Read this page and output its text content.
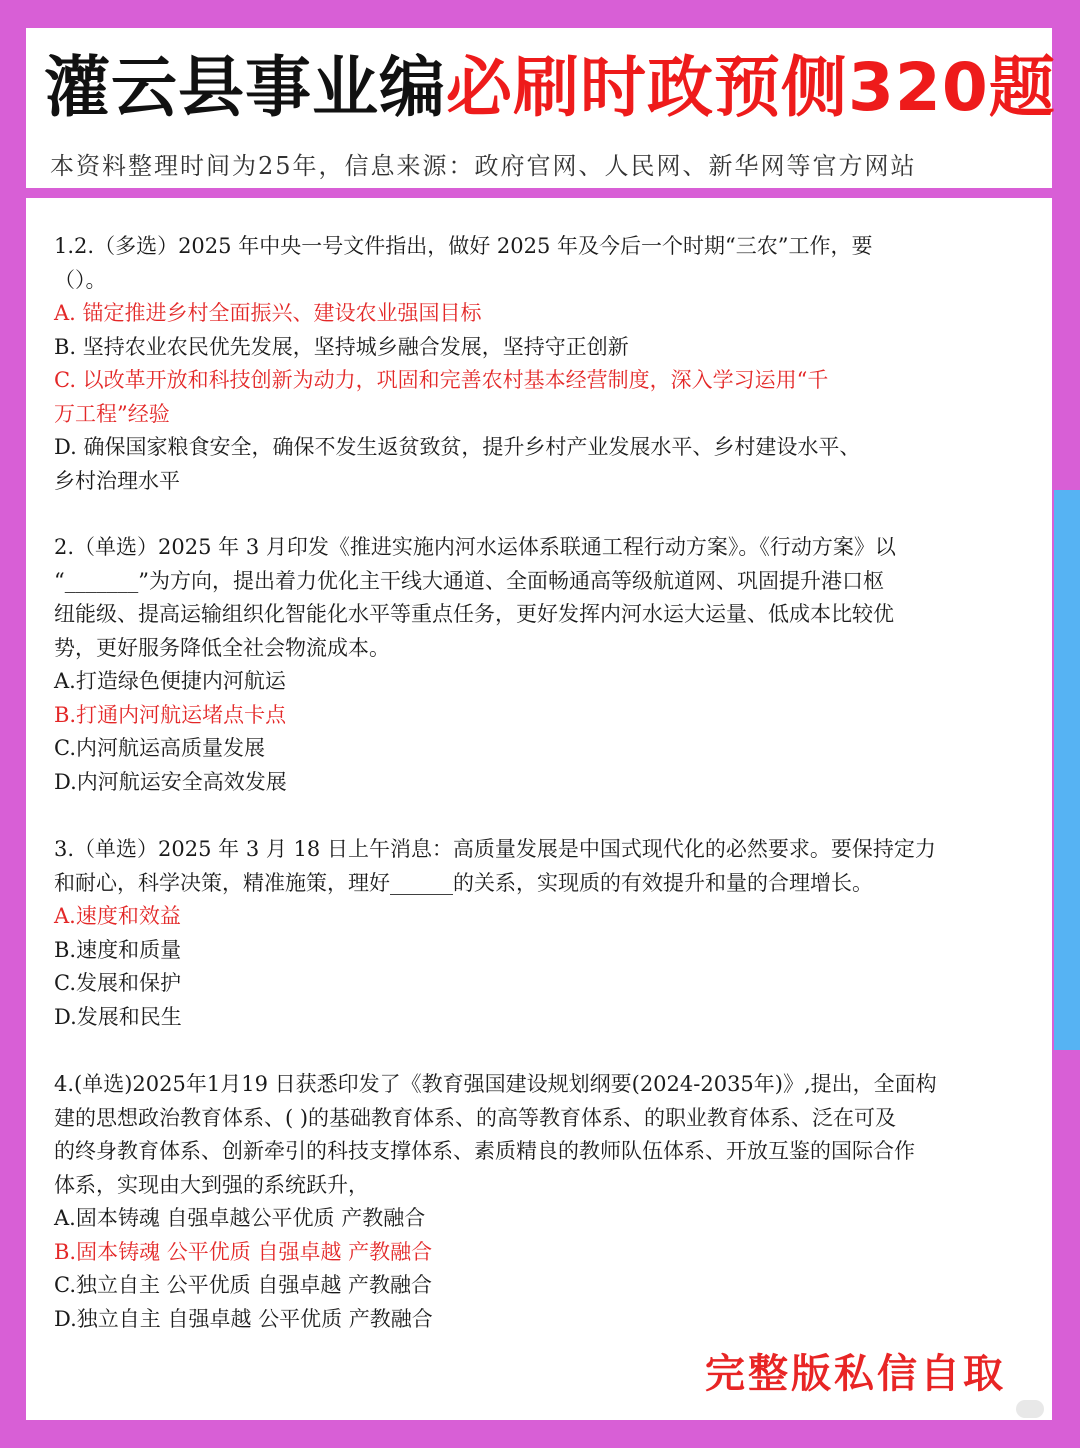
灌云县事业编必刷时政预侧320题
本资料整理时间为25年，信息来源：政府官网、人民网、新华网等官方网站

1.2.（多选）2025 年中央一号文件指出，做好 2025 年及今后一个时期“三农”工作，要
（）。

A. 锚定推进乡村全面振兴、建设农业强国目标

B. 坚持农业农民优先发展，坚持城乡融合发展，坚持守正创新

C. 以改革开放和科技创新为动力，巩固和完善农村基本经营制度，深入学习运用“千
万工程”经验

D. 确保国家粮食安全，确保不发生返贫致贫，提升乡村产业发展水平、乡村建设水平、
乡村治理水平

2.（单选）2025 年 3 月印发《推进实施内河水运体系联通工程行动方案》。《行动方案》以
“_______”为方向，提出着力优化主干线大通道、全面畅通高等级航道网、巩固提升港口枢
纽能级、提高运输组织化智能化水平等重点任务，更好发挥内河水运大运量、低成本比较优
势，更好服务降低全社会物流成本。

A.打造绿色便捷内河航运

B.打通内河航运堵点卡点

C.内河航运高质量发展

D.内河航运安全高效发展

3.（单选）2025 年 3 月 18 日上午消息：高质量发展是中国式现代化的必然要求。要保持定力
和耐心，科学决策，精准施策，理好______的关系，实现质的有效提升和量的合理增长。

A.速度和效益

B.速度和质量

C.发展和保护

D.发展和民生

4.(单选)2025年1月19 日获悉印发了《教育强国建设规划纲要(2024-2035年)》,提出，全面构
建的思想政治教育体系、( )的基础教育体系、的高等教育体系、的职业教育体系、泛在可及
的终身教育体系、创新牵引的科技支撑体系、素质精良的教师队伍体系、开放互鉴的国际合作
体系，实现由大到强的系统跃升，

A.固本铸魂 自强卓越公平优质 产教融合

B.固本铸魂 公平优质 自强卓越 产教融合

C.独立自主 公平优质 自强卓越 产教融合

D.独立自主 自强卓越 公平优质 产教融合

完整版私信自取
